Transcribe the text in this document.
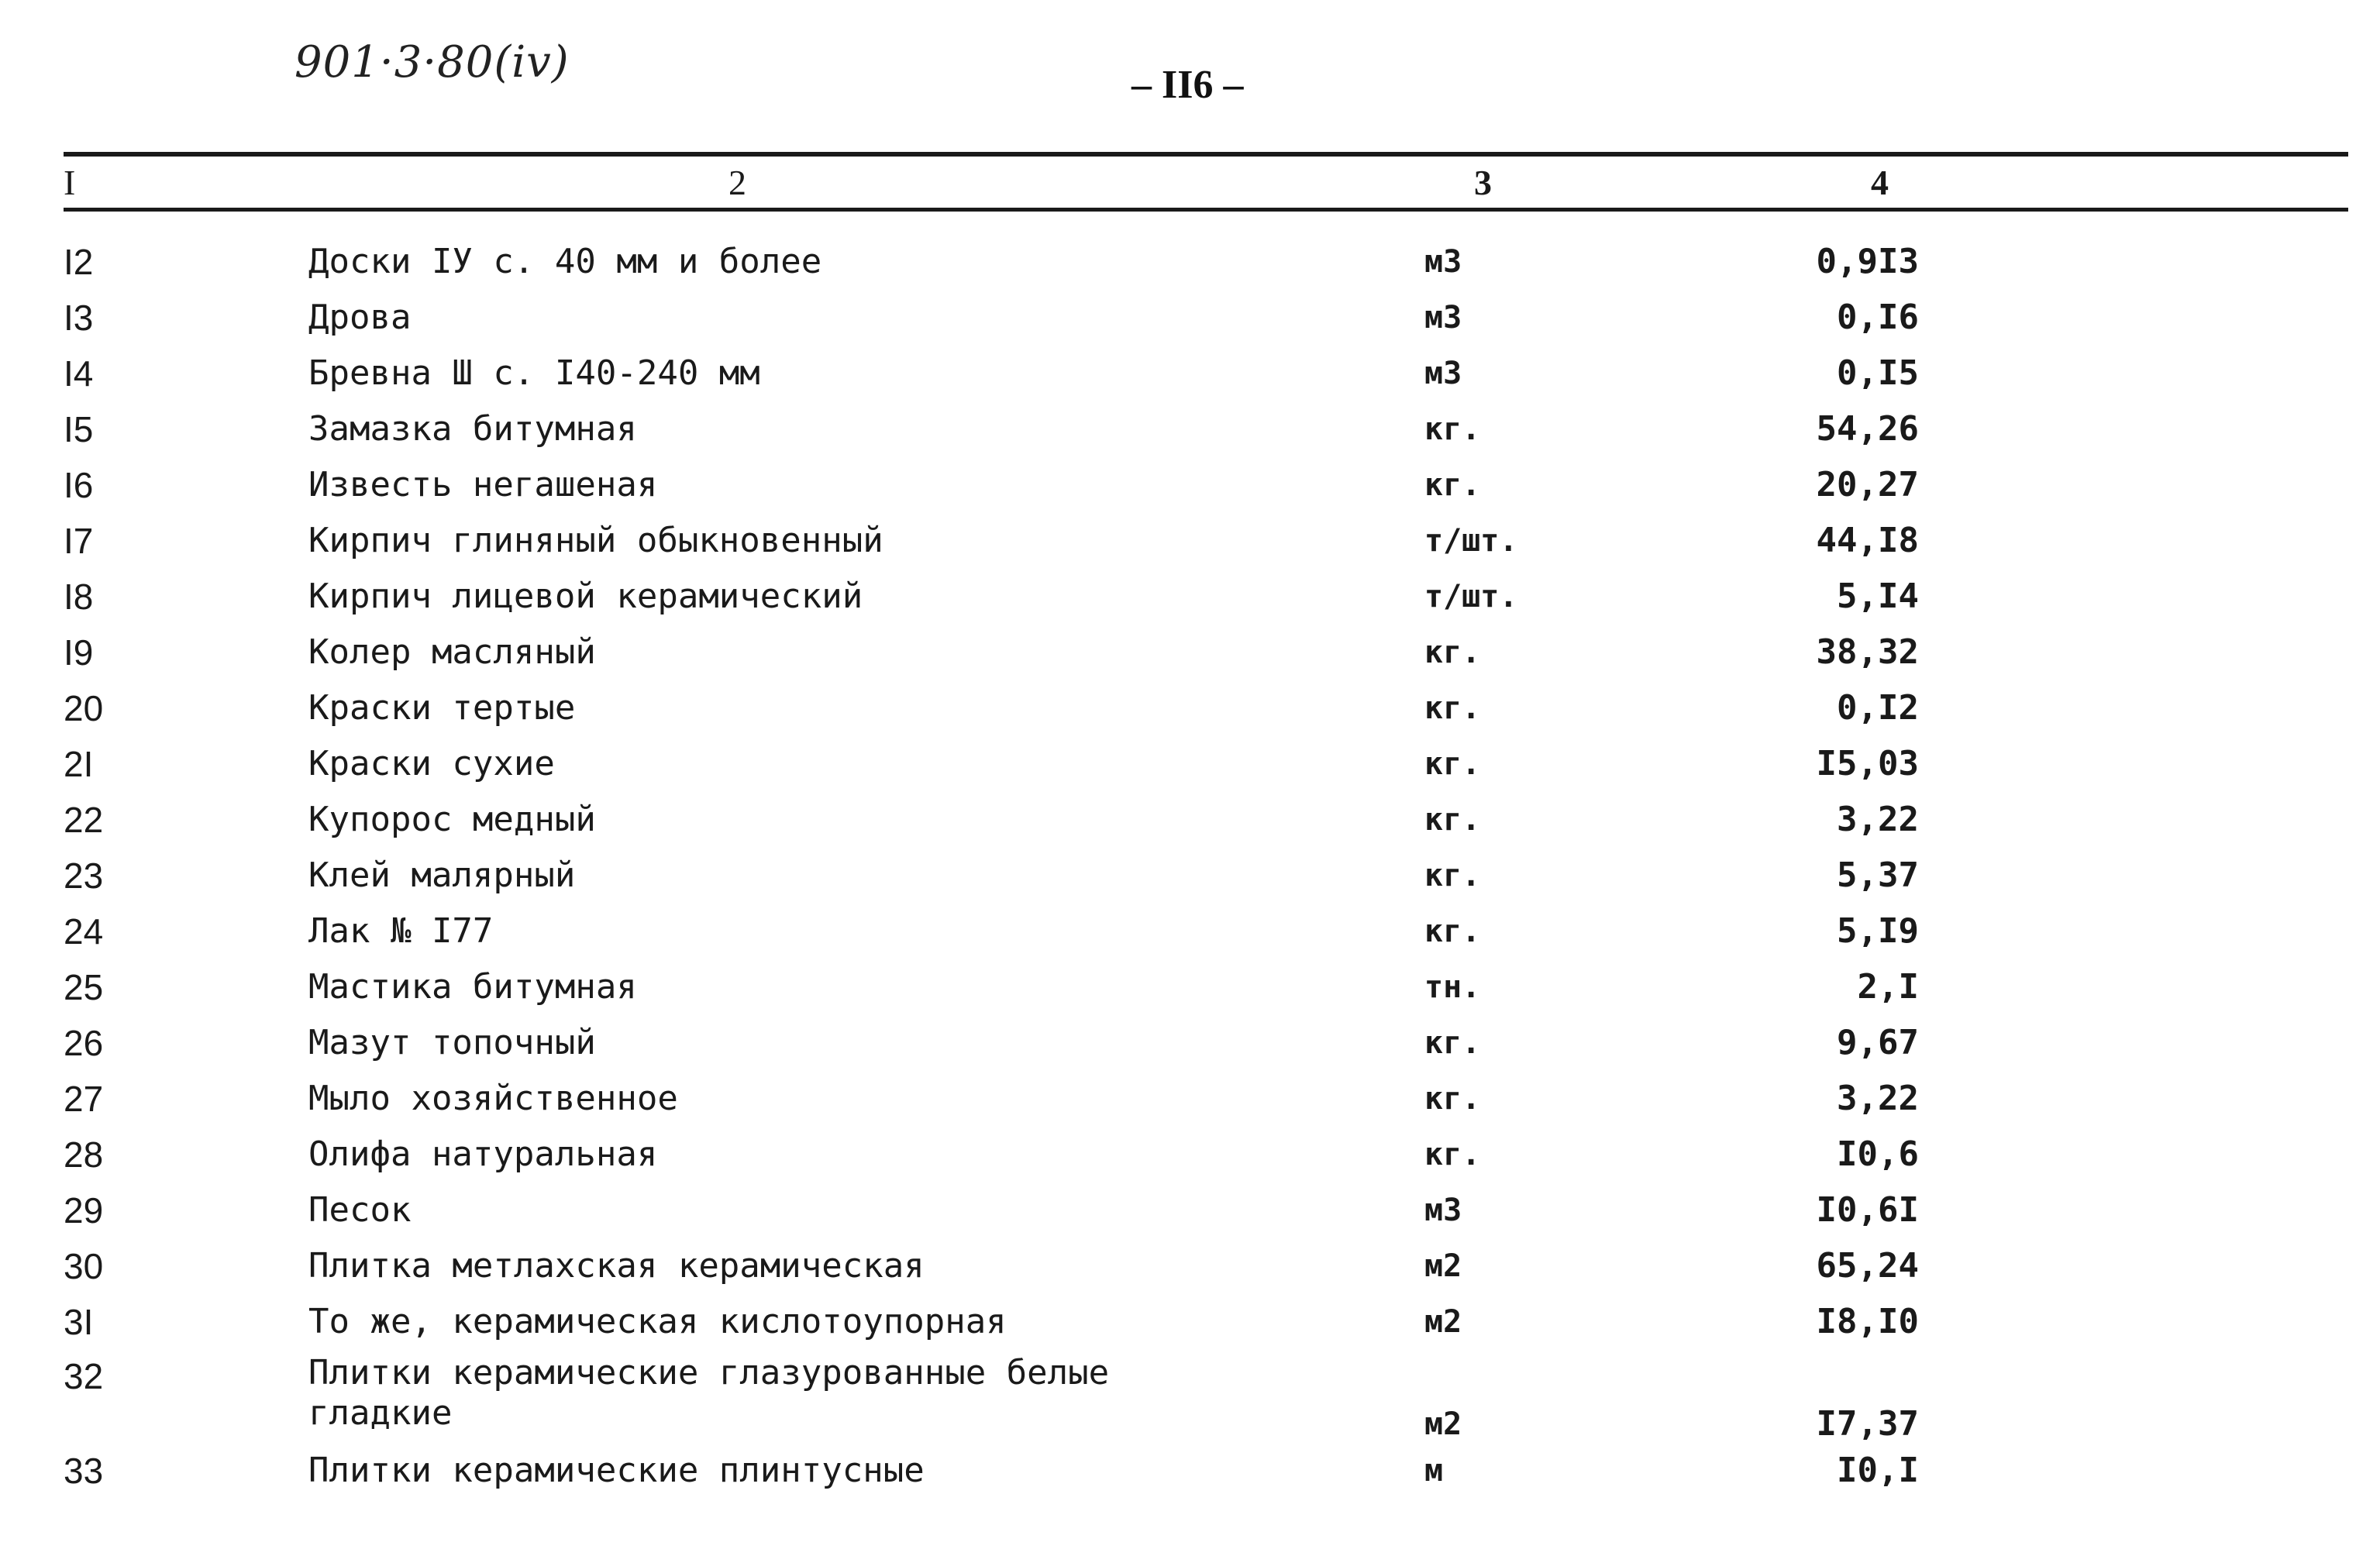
901·3·80(iv)	– II6 –
I	2	3	4
I2	Доски IУ с. 40 мм и более	м3	0,9I3
I3	Дрова	м3	0,I6
I4	Бревна Ш с. I40-240 мм	м3	0,I5
I5	Замазка битумная	кг.	54,26
I6	Известь негашеная	кг.	20,27
I7	Кирпич глиняный обыкновенный	т/шт.	44,I8
I8	Кирпич лицевой керамический	т/шт.	5,I4
I9	Колер масляный	кг.	38,32
20	Краски тертые	кг.	0,I2
2I	Краски сухие	кг.	I5,03
22	Купорос медный	кг.	3,22
23	Клей малярный	кг.	5,37
24	Лак № I77	кг.	5,I9
25	Мастика битумная	тн.	2,I
26	Мазут топочный	кг.	9,67
27	Мыло хозяйственное	кг.	3,22
28	Олифа натуральная	кг.	I0,6
29	Песок	м3	I0,6I
30	Плитка метлахская керамическая	м2	65,24
3I	То же, керамическая кислотоупорная	м2	I8,I0
32	Плитки керамические глазурованные белые
гладкие	м2	I7,37
33	Плитки керамические плинтусные	м	I0,I
